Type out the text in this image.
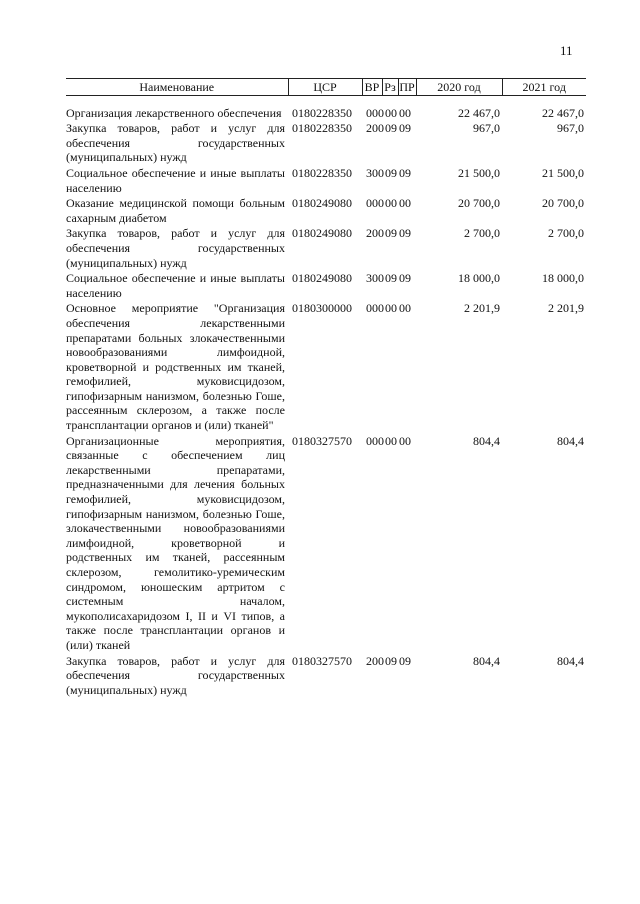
11
Наименование	ЦСР	ВР	Рз	ПР	2020 год	2021 год
Организация лекарственного обеспечения	0180228350	000	00	00	22 467,0	22 467,0
Закупка товаров, работ и услуг для обеспечения государственных (муниципальных) нужд	0180228350	200	09	09	967,0	967,0
Социальное обеспечение и иные выплаты населению	0180228350	300	09	09	21 500,0	21 500,0
Оказание медицинской помощи больным сахарным диабетом	0180249080	000	00	00	20 700,0	20 700,0
Закупка товаров, работ и услуг для обеспечения государственных (муниципальных) нужд	0180249080	200	09	09	2 700,0	2 700,0
Социальное обеспечение и иные выплаты населению	0180249080	300	09	09	18 000,0	18 000,0
Основное мероприятие "Организация обеспечения лекарственными препаратами больных злокачественными новообразованиями лимфоидной, кроветворной и родственных им тканей, гемофилией, муковисцидозом, гипофизарным нанизмом, болезнью Гоше, рассеянным склерозом, а также после трансплантации органов и (или) тканей"	0180300000	000	00	00	2 201,9	2 201,9
Организационные мероприятия, связанные с обеспечением лиц лекарственными препаратами, предназначенными для лечения больных гемофилией, муковисцидозом, гипофизарным нанизмом, болезнью Гоше, злокачественными новообразованиями лимфоидной, кроветворной и родственных им тканей, рассеянным склерозом, гемолитико-уремическим синдромом, юношеским артритом с системным началом, мукополисахаридозом I, II и VI типов, а также после трансплантации органов и (или) тканей	0180327570	000	00	00	804,4	804,4
Закупка товаров, работ и услуг для обеспечения государственных (муниципальных) нужд	0180327570	200	09	09	804,4	804,4
